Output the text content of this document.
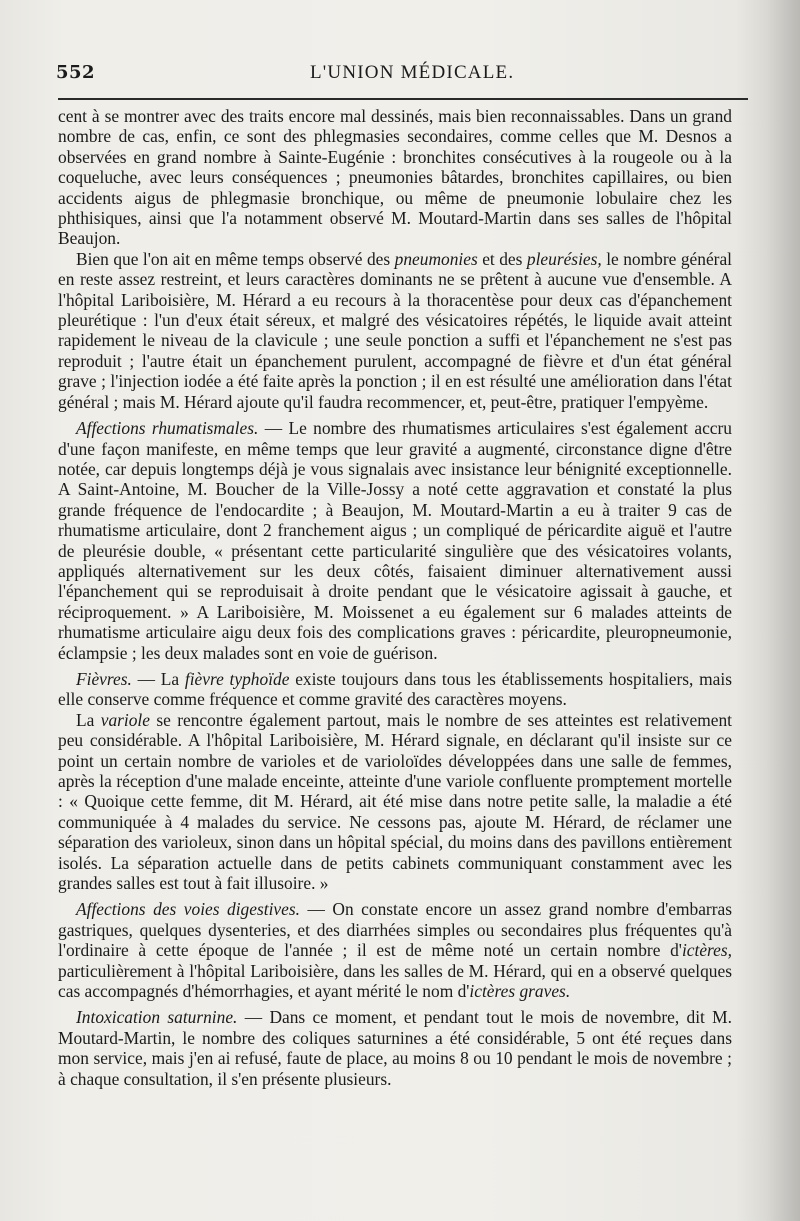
552	L'UNION MÉDICALE.

cent à se montrer avec des traits encore mal dessinés, mais bien reconnaissables. Dans un grand nombre de cas, enfin, ce sont des phlegmasies secondaires, comme celles que M. Desnos a observées en grand nombre à Sainte-Eugénie : bronchites consécutives à la rougeole ou à la coqueluche, avec leurs conséquences ; pneumonies bâtardes, bronchites capillaires, ou bien accidents aigus de phlegmasie bronchique, ou même de pneumonie lobulaire chez les phthisiques, ainsi que l'a notamment observé M. Moutard-Martin dans ses salles de l'hôpital Beaujon.

Bien que l'on ait en même temps observé des pneumonies et des pleurésies, le nombre général en reste assez restreint, et leurs caractères dominants ne se prêtent à aucune vue d'ensemble. A l'hôpital Lariboisière, M. Hérard a eu recours à la thoracentèse pour deux cas d'épanchement pleurétique : l'un d'eux était séreux, et malgré des vésicatoires répétés, le liquide avait atteint rapidement le niveau de la clavicule ; une seule ponction a suffi et l'épanchement ne s'est pas reproduit ; l'autre était un épanchement purulent, accompagné de fièvre et d'un état général grave ; l'injection iodée a été faite après la ponction ; il en est résulté une amélioration dans l'état général ; mais M. Hérard ajoute qu'il faudra recommencer, et, peut-être, pratiquer l'empyème.

Affections rhumatismales. — Le nombre des rhumatismes articulaires s'est également accru d'une façon manifeste, en même temps que leur gravité a augmenté, circonstance digne d'être notée, car depuis longtemps déjà je vous signalais avec insistance leur bénignité exceptionnelle. A Saint-Antoine, M. Boucher de la Ville-Jossy a noté cette aggravation et constaté la plus grande fréquence de l'endocardite ; à Beaujon, M. Moutard-Martin a eu à traiter 9 cas de rhumatisme articulaire, dont 2 franchement aigus ; un compliqué de péricardite aiguë et l'autre de pleurésie double, « présentant cette particularité singulière que des vésicatoires volants, appliqués alternativement sur les deux côtés, faisaient diminuer alternativement aussi l'épanchement qui se reproduisait à droite pendant que le vésicatoire agissait à gauche, et réciproquement. » A Lariboisière, M. Moissenet a eu également sur 6 malades atteints de rhumatisme articulaire aigu deux fois des complications graves : péricardite, pleuropneumonie, éclampsie ; les deux malades sont en voie de guérison.

Fièvres. — La fièvre typhoïde existe toujours dans tous les établissements hospitaliers, mais elle conserve comme fréquence et comme gravité des caractères moyens.

La variole se rencontre également partout, mais le nombre de ses atteintes est relativement peu considérable. A l'hôpital Lariboisière, M. Hérard signale, en déclarant qu'il insiste sur ce point un certain nombre de varioles et de varioloïdes développées dans une salle de femmes, après la réception d'une malade enceinte, atteinte d'une variole confluente promptement mortelle : « Quoique cette femme, dit M. Hérard, ait été mise dans notre petite salle, la maladie a été communiquée à 4 malades du service. Ne cessons pas, ajoute M. Hérard, de réclamer une séparation des varioleux, sinon dans un hôpital spécial, du moins dans des pavillons entièrement isolés. La séparation actuelle dans de petits cabinets communiquant constamment avec les grandes salles est tout à fait illusoire. »

Affections des voies digestives. — On constate encore un assez grand nombre d'embarras gastriques, quelques dysenteries, et des diarrhées simples ou secondaires plus fréquentes qu'à l'ordinaire à cette époque de l'année ; il est de même noté un certain nombre d'ictères, particulièrement à l'hôpital Lariboisière, dans les salles de M. Hérard, qui en a observé quelques cas accompagnés d'hémorrhagies, et ayant mérité le nom d'ictères graves.

Intoxication saturnine. — Dans ce moment, et pendant tout le mois de novembre, dit M. Moutard-Martin, le nombre des coliques saturnines a été considérable, 5 ont été reçues dans mon service, mais j'en ai refusé, faute de place, au moins 8 ou 10 pendant le mois de novembre ; à chaque consultation, il s'en présente plusieurs.
